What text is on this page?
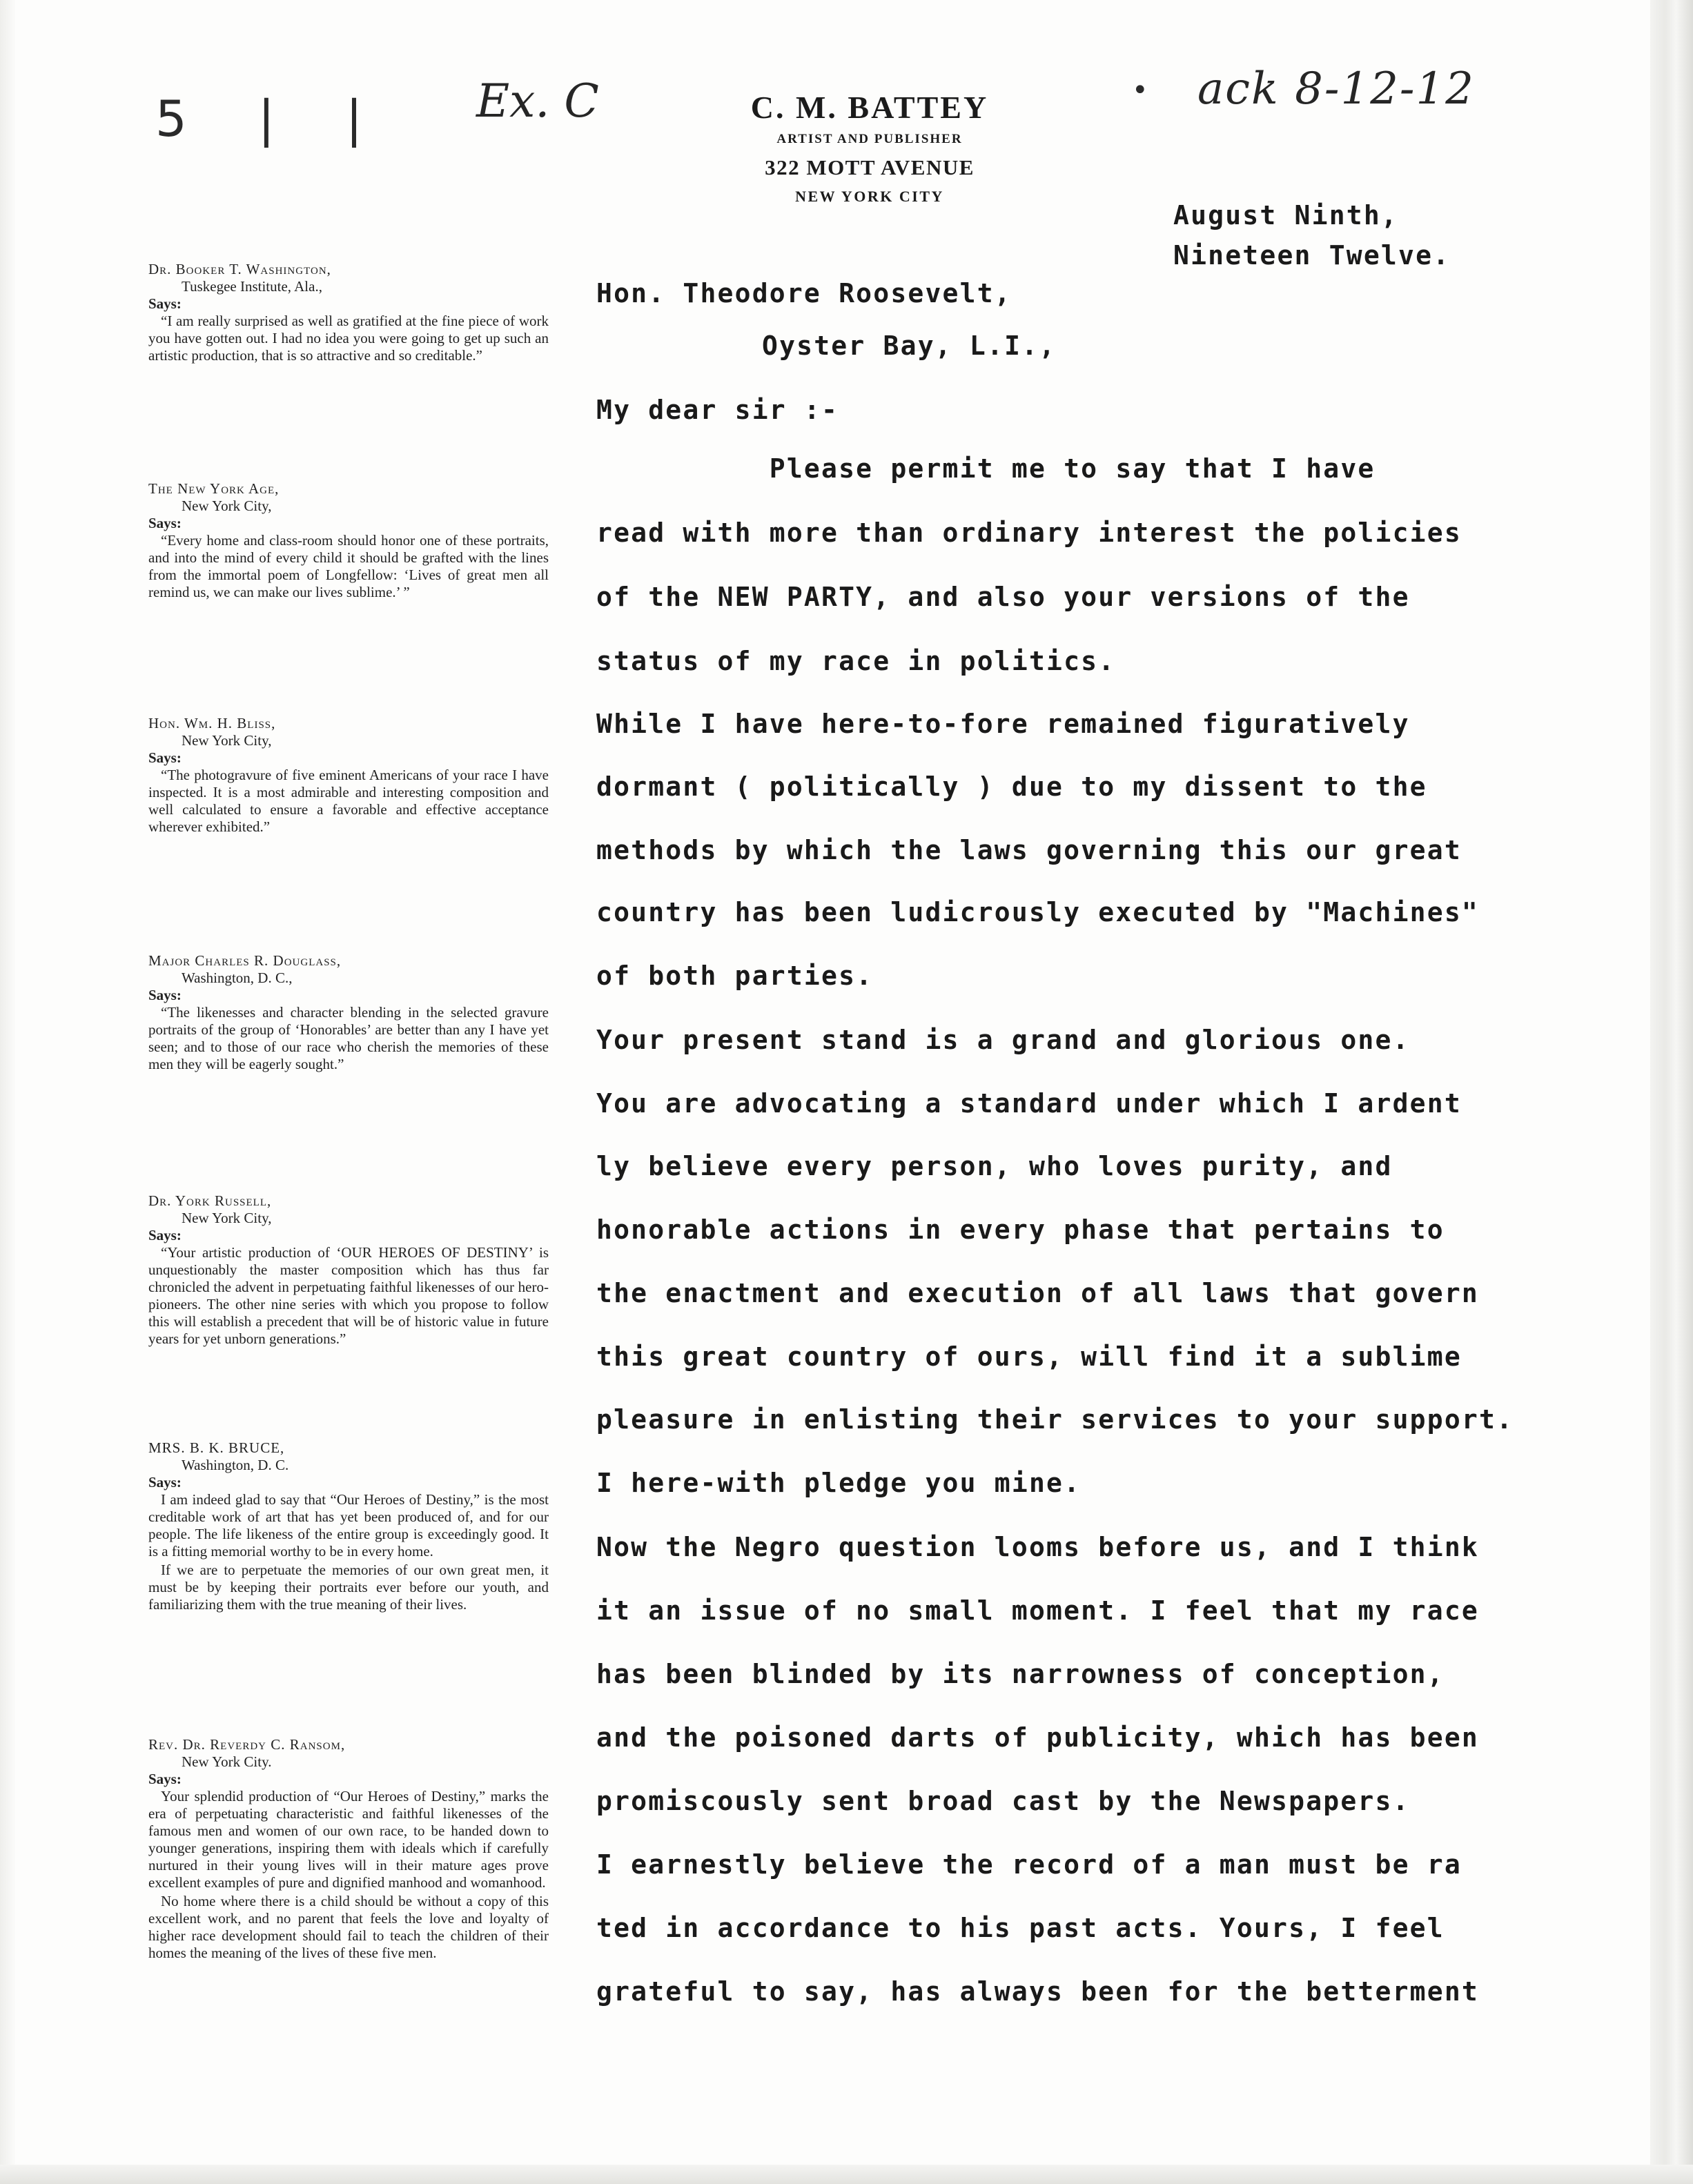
5 | | Ex. C	• ack 8-12-12
C. M. BATTEY
ARTIST AND PUBLISHER
322 MOTT AVENUE
NEW YORK CITY
Dr. Booker T. Washington,
Tuskegee Institute, Ala.,
Says:
“I am really surprised as well as gratified at the fine piece of work you have gotten out. I had no idea you were going to get up such an artistic production, that is so attractive and so creditable.”
The New York Age,
New York City,
Says:
“Every home and class-room should honor one of these portraits, and into the mind of every child it should be grafted with the lines from the immortal poem of Longfellow: ‘Lives of great men all remind us, we can make our lives sublime.’ ”
Hon. Wm. H. Bliss,
New York City,
Says:
“The photogravure of five eminent Americans of your race I have inspected. It is a most admirable and interesting composition and well calculated to ensure a favorable and effective acceptance wherever exhibited.”
Major Charles R. Douglass,
Washington, D. C.,
Says:
“The likenesses and character blending in the selected gravure portraits of the group of ‘Honorables’ are better than any I have yet seen; and to those of our race who cherish the memories of these men they will be eagerly sought.”
Dr. York Russell,
New York City,
Says:
“Your artistic production of ‘OUR HEROES OF DESTINY’ is unquestionably the master composition which has thus far chronicled the advent in perpetuating faithful likenesses of our hero-pioneers. The other nine series with which you propose to follow this will establish a precedent that will be of historic value in future years for yet unborn generations.”
MRS. B. K. BRUCE,
Washington, D. C.
Says:
I am indeed glad to say that “Our Heroes of Destiny,” is the most creditable work of art that has yet been produced of, and for our people. The life likeness of the entire group is exceedingly good. It is a fitting memorial worthy to be in every home.
If we are to perpetuate the memories of our own great men, it must be by keeping their portraits ever before our youth, and familiarizing them with the true meaning of their lives.
Rev. Dr. Reverdy C. Ransom,
New York City.
Says:
Your splendid production of “Our Heroes of Destiny,” marks the era of perpetuating characteristic and faithful likenesses of the famous men and women of our own race, to be handed down to younger generations, inspiring them with ideals which if carefully nurtured in their young lives will in their mature ages prove excellent examples of pure and dignified manhood and womanhood.
No home where there is a child should be without a copy of this excellent work, and no parent that feels the love and loyalty of higher race development should fail to teach the children of their homes the meaning of the lives of these five men.
August Ninth,
Nineteen Twelve.
Hon. Theodore Roosevelt,
Oyster Bay, L.I.,
My dear sir :-
Please permit me to say that I have
read with more than ordinary interest the policies
of the NEW PARTY, and also your versions of the
status of my race in politics.
While I have here-to-fore remained figuratively
dormant ( politically ) due to my dissent to the
methods by which the laws governing this our great
country has been ludicrously executed by "Machines"
of both parties.
Your present stand is a grand and glorious one.
You are advocating a standard under which I ardent
ly believe every person, who loves purity, and
honorable actions in every phase that pertains to
the enactment and execution of all laws that govern
this great country of ours, will find it a sublime
pleasure in enlisting their services to your support.
I here-with pledge you mine.
Now the Negro question looms before us, and I think
it an issue of no small moment. I feel that my race
has been blinded by its narrowness of conception,
and the poisoned darts of publicity, which has been
promiscously sent broad cast by the Newspapers.
I earnestly believe the record of a man must be ra
ted in accordance to his past acts. Yours, I feel
grateful to say, has always been for the betterment
